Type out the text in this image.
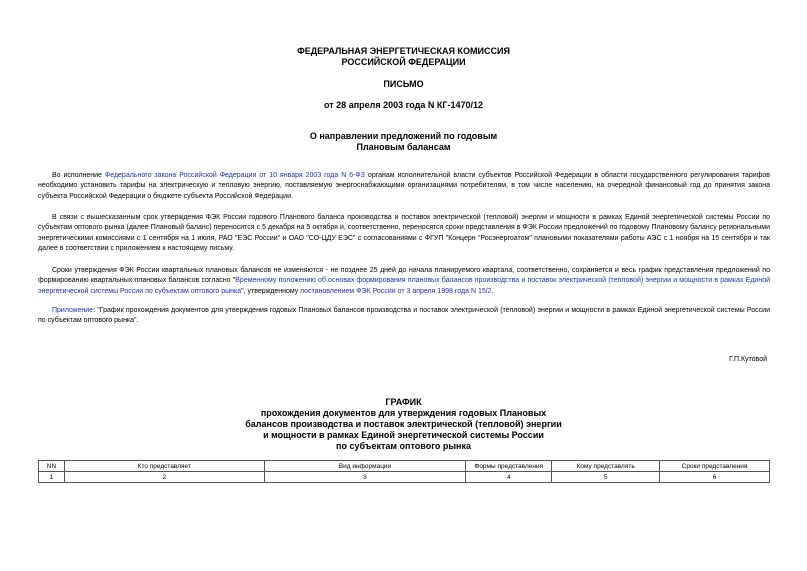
ФЕДЕРАЛЬНАЯ ЭНЕРГЕТИЧЕСКАЯ КОМИССИЯ
РОССИЙСКОЙ ФЕДЕРАЦИИ
ПИСЬМО
от 28 апреля 2003 года N КГ-1470/12
О направлении предложений по годовым
Плановым балансам
Во исполнение Федерального закона Российской Федерации от 10 января 2003 года N 6-ФЗ органам исполнительной власти субъектов Российской Федерации в области государственного регулирования тарифов необходимо установить тарифы на электрическую и тепловую энергию, поставляемую энергоснабжающими организациями потребителям, в том числе населению, на очередной финансовый год до принятия закона субъекта Российской Федерации о бюджете субъекта Российской Федерации.
В связи с вышесказанным срок утверждения ФЭК России годового Планового баланса производства и поставок электрической (тепловой) энергии и мощности в рамках Единой энергетической системы России по субъектам оптового рынка (далее Плановый баланс) переносится с 5 декабря на 5 октября и, соответственно, переносятся сроки представления в ФЭК России предложений по годовому Плановому балансу региональными энергетическими комиссиями с 1 сентября на 1 июля, РАО "ЕЭС России" и ОАО "СО-ЦДУ ЕЭС" с согласованиями с ФГУП "Концерн "Росэнергоатом" плановыми показателями работы АЭС с 1 ноября на 15 сентября и так далее в соответствии с приложением к настоящему письму.
Сроки утверждения ФЭК России квартальных плановых балансов не изменяются - не позднее 25 дней до начала планируемого квартала, соответственно, сохраняется и весь график представления предложений по формированию квартальных плановых балансов согласно "Временному положению об основах формирования плановых балансов производства и поставок электрической (тепловой) энергии и мощности в рамках Единой энергетической системы России по субъектам оптового рынка", утвержденному постановлением ФЭК России от 3 апреля 1998 года N 15/2.
Приложение: "График прохождения документов для утверждения годовых Плановых балансов производства и поставок электрической (тепловой) энергии и мощности в рамках Единой энергетической системы России по субъектам оптового рынка".
Г.П.Кутовой
ГРАФИК
прохождения документов для утверждения годовых Плановых
балансов производства и поставок электрической (тепловой) энергии
и мощности в рамках Единой энергетической системы России
по субъектам оптового рынка
NN	Кто представляет	Вид информации	Формы представления	Кому представлять	Сроки представления
1	2	3	4	5	6
